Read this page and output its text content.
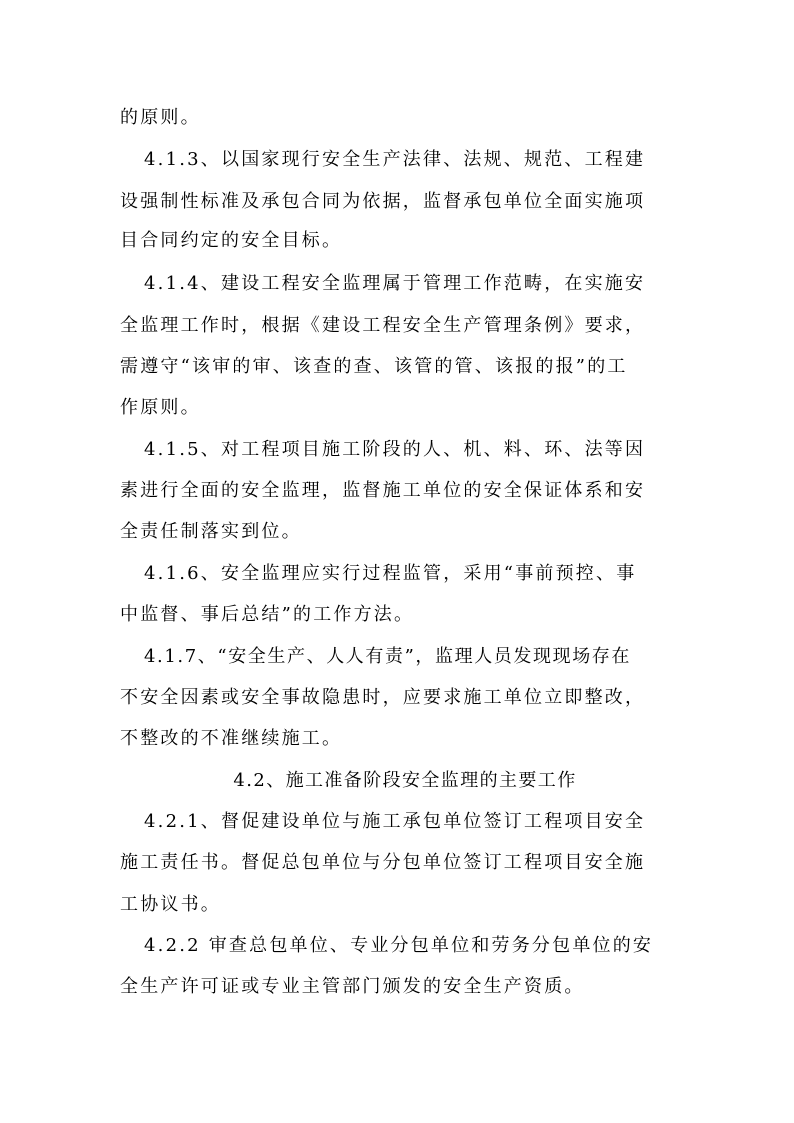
的原则。
4.1.3、以国家现行安全生产法律、法规、规范、工程建
设强制性标准及承包合同为依据，监督承包单位全面实施项
目合同约定的安全目标。
4.1.4、建设工程安全监理属于管理工作范畴，在实施安
全监理工作时，根据《建设工程安全生产管理条例》要求，
需遵守“该审的审、该查的查、该管的管、该报的报”的工
作原则。
4.1.5、对工程项目施工阶段的人、机、料、环、法等因
素进行全面的安全监理，监督施工单位的安全保证体系和安
全责任制落实到位。
4.1.6、安全监理应实行过程监管，采用“事前预控、事
中监督、事后总结”的工作方法。
4.1.7、“安全生产、人人有责”，监理人员发现现场存在
不安全因素或安全事故隐患时，应要求施工单位立即整改，
不整改的不准继续施工。
4.2、施工准备阶段安全监理的主要工作
4.2.1、督促建设单位与施工承包单位签订工程项目安全
施工责任书。督促总包单位与分包单位签订工程项目安全施
工协议书。
4.2.2 审查总包单位、专业分包单位和劳务分包单位的安
全生产许可证或专业主管部门颁发的安全生产资质。
